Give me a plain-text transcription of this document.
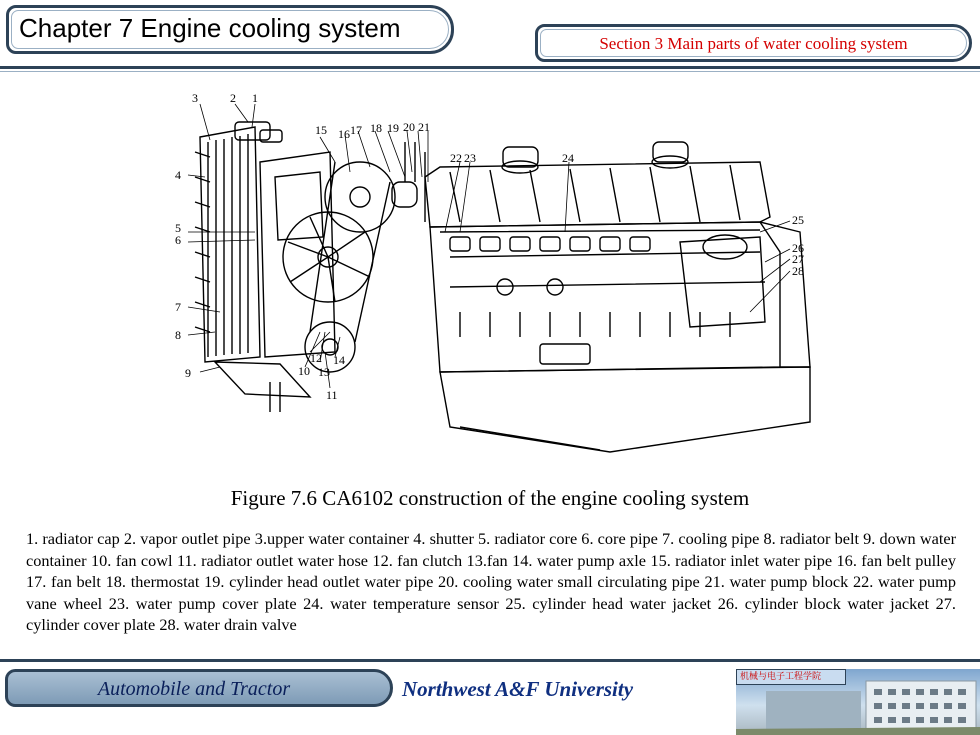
Chapter 7 Engine cooling system
Section 3 Main parts of water cooling system
3	2 1
4
5
6
7
8
9	10
11
12
13
14
15 16 17 18 19 20 21
22 23	24
25
26
27
28
Figure 7.6 CA6102 construction of the engine cooling system
1. radiator cap 2. vapor outlet pipe 3.upper water container 4. shutter 5. radiator core 6. core pipe 7. cooling pipe 8. radiator belt 9. down water container 10. fan cowl 11. radiator outlet water hose 12. fan clutch 13.fan 14. water pump axle 15. radiator inlet water pipe 16. fan belt pulley 17. fan belt 18. thermostat 19. cylinder head outlet water pipe 20. cooling water small circulating pipe 21. water pump block 22. water pump vane wheel 23. water pump cover plate 24. water temperature sensor 25. cylinder head water jacket 26. cylinder block water jacket 27. cylinder cover plate 28. water drain valve
Automobile and Tractor	Northwest A&F University	机械与电子工程学院
